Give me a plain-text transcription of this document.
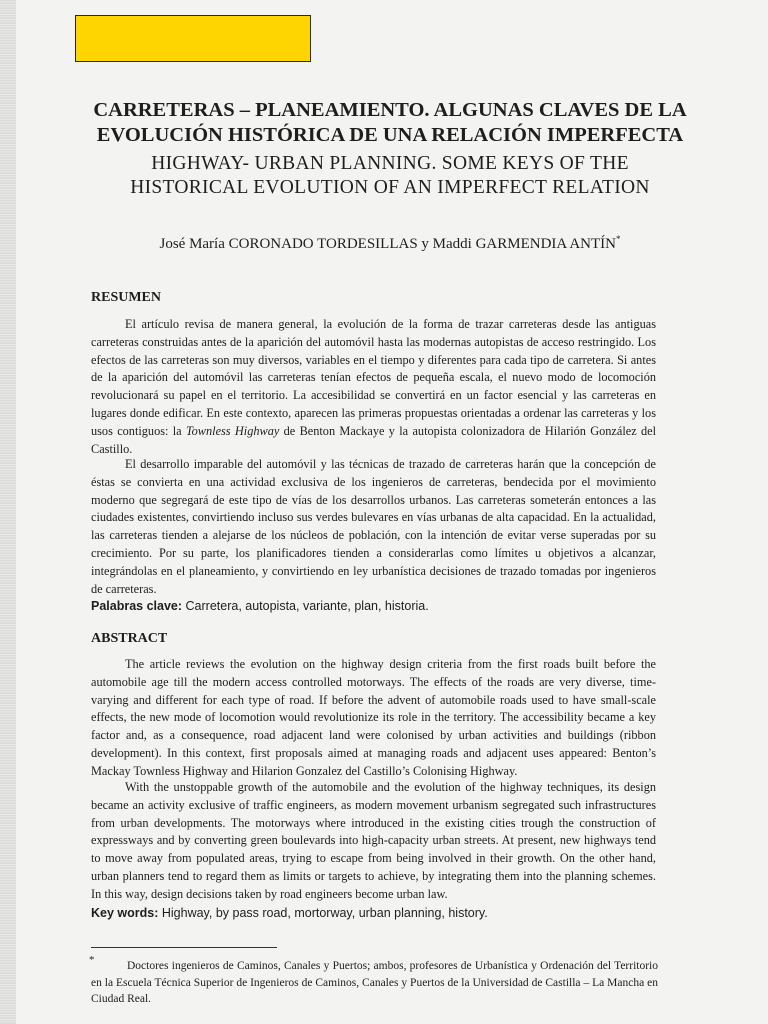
CARRETERAS – PLANEAMIENTO. ALGUNAS CLAVES DE LA
EVOLUCIÓN HISTÓRICA DE UNA RELACIÓN IMPERFECTA
HIGHWAY- URBAN PLANNING. SOME KEYS OF THE
HISTORICAL EVOLUTION OF AN IMPERFECT RELATION
José María CORONADO TORDESILLAS y Maddi GARMENDIA ANTÍN*
RESUMEN
El artículo revisa de manera general, la evolución de la forma de trazar carreteras desde las antiguas carreteras construidas antes de la aparición del automóvil hasta las modernas autopistas de acceso restringido. Los efectos de las carreteras son muy diversos, variables en el tiempo y diferentes para cada tipo de carretera. Si antes de la aparición del automóvil las carreteras tenían efectos de pequeña escala, el nuevo modo de locomoción revolucionará su papel en el territorio. La accesibilidad se convertirá en un factor esencial y las carreteras en lugares donde edificar. En este contexto, aparecen las primeras propuestas orientadas a ordenar las carreteras y los usos contiguos: la Townless Highway de Benton Mackaye y la autopista colonizadora de Hilarión González del Castillo.
El desarrollo imparable del automóvil y las técnicas de trazado de carreteras harán que la concepción de éstas se convierta en una actividad exclusiva de los ingenieros de carreteras, bendecida por el movimiento moderno que segregará de este tipo de vías de los desarrollos urbanos. Las carreteras someterán entonces a las ciudades existentes, convirtiendo incluso sus verdes bulevares en vías urbanas de alta capacidad. En la actualidad, las carreteras tienden a alejarse de los núcleos de población, con la intención de evitar verse superadas por su crecimiento. Por su parte, los planificadores tienden a considerarlas como límites u objetivos a alcanzar, integrándolas en el planeamiento, y convirtiendo en ley urbanística decisiones de trazado tomadas por ingenieros de carreteras.
Palabras clave: Carretera, autopista, variante, plan, historia.
ABSTRACT
The article reviews the evolution on the highway design criteria from the first roads built before the automobile age till the modern access controlled motorways. The effects of the roads are very diverse, time-varying and different for each type of road. If before the advent of automobile roads used to have small-scale effects, the new mode of locomotion would revolutionize its role in the territory. The accessibility became a key factor and, as a consequence, road adjacent land were colonised by urban activities and buildings (ribbon development). In this context, first proposals aimed at managing roads and adjacent uses appeared: Benton’s Mackay Townless Highway and Hilarion Gonzalez del Castillo’s Colonising Highway.
With the unstoppable growth of the automobile and the evolution of the highway techniques, its design became an activity exclusive of traffic engineers, as modern movement urbanism segregated such infrastructures from urban developments. The motorways where introduced in the existing cities trough the construction of expressways and by converting green boulevards into high-capacity urban streets. At present, new highways tend to move away from populated areas, trying to escape from being involved in their growth. On the other hand, urban planners tend to regard them as limits or targets to achieve, by integrating them into the planning schemes. In this way, design decisions taken by road engineers become urban law.
Key words: Highway, by pass road, mortorway, urban planning, history.
*	Doctores ingenieros de Caminos, Canales y Puertos; ambos, profesores de Urbanística y Ordenación del Territorio en la Escuela Técnica Superior de Ingenieros de Caminos, Canales y Puertos de la Universidad de Castilla – La Mancha en Ciudad Real.
